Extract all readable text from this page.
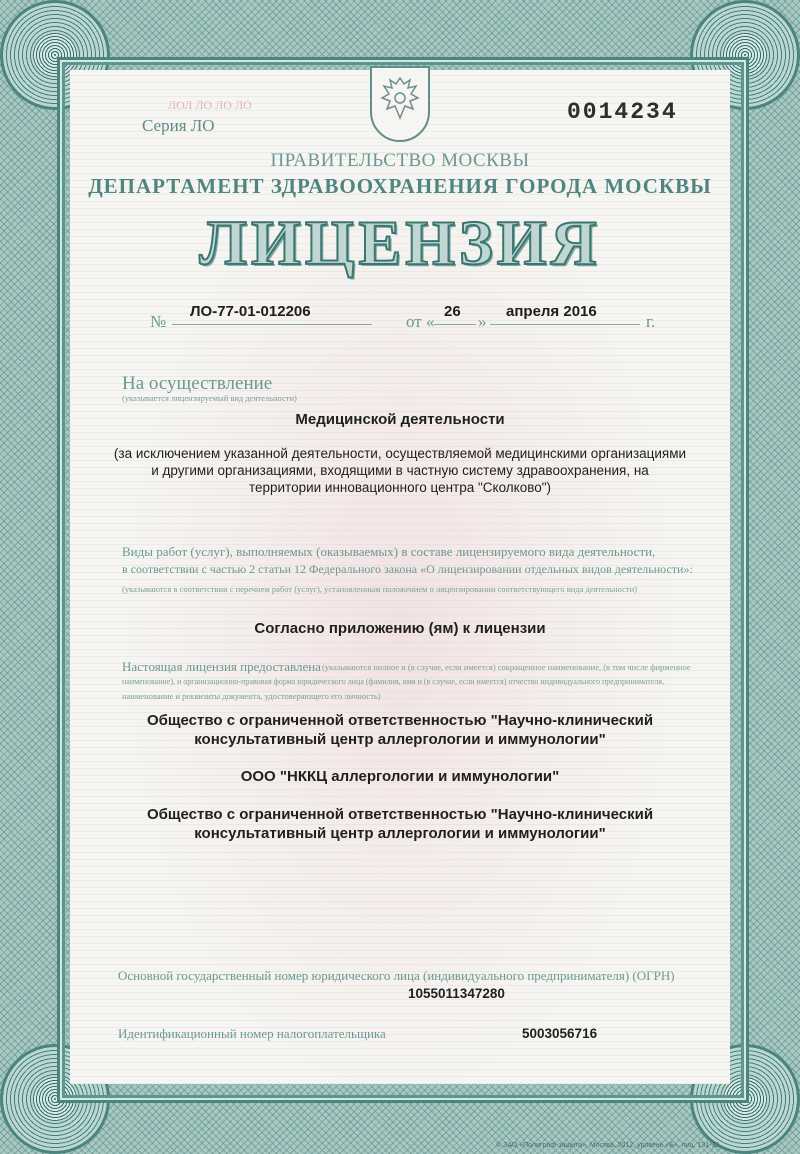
ЛОЛ ЛО ЛО ЛО
Серия ЛО
0014234
ПРАВИТЕЛЬСТВО МОСКВЫ
ДЕПАРТАМЕНТ ЗДРАВООХРАНЕНИЯ ГОРОДА МОСКВЫ
ЛИЦЕНЗИЯ
№
ЛО-77-01-012206
от «
26
»
апреля 2016
г.
На осуществление
(указывается лицензируемый вид деятельности)
Медицинской деятельности
(за исключением указанной деятельности, осуществляемой медицинскими организациями
и другими организациями, входящими в частную систему здравоохранения, на
территории инновационного центра "Сколково")
Виды работ (услуг), выполняемых (оказываемых) в составе лицензируемого вида деятельности,
в соответствии с частью 2 статьи 12 Федерального закона «О лицензировании отдельных видов деятельности»:
(указываются в соответствии с перечнем работ (услуг), установленным положением о лицензировании соответствующего вида деятельности)
Согласно приложению (ям) к лицензии
Настоящая лицензия предоставлена (указываются полное и (в случае, если имеется) сокращенное наименование, (в том числе фирменное
наименование), и организационно-правовая форма юридического лица (фамилия, имя и (в случае, если имеется) отчество индивидуального предпринимателя,
наименование и реквизиты документа, удостоверяющего его личность)
Общество с ограниченной ответственностью "Научно-клинический
консультативный центр аллергологии и иммунологии"
ООО "НККЦ аллергологии и иммунологии"
Общество с ограниченной ответственностью "Научно-клинический
консультативный центр аллергологии и иммунологии"
Основной государственный номер юридического лица (индивидуального предпринимателя) (ОГРН)
1055011347280
Идентификационный номер налогоплательщика	5003056716
© ЗАО «Полиграф-защита», Москва, 2012, уровень «Б», лиц. 131-32
